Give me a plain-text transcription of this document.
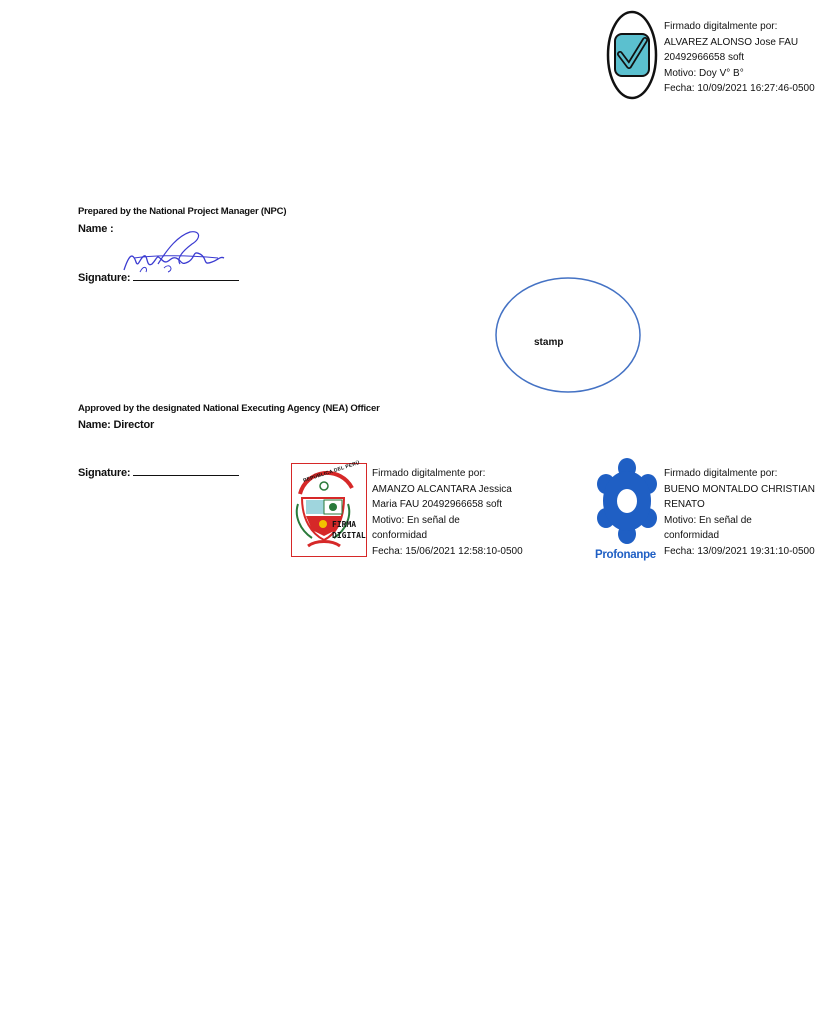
Firmado digitalmente por:
ALVAREZ ALONSO Jose FAU
20492966658 soft
Motivo: Doy V° B°
Fecha: 10/09/2021 16:27:46-0500
Prepared by the National Project Manager (NPC)
Name :
Signature:
stamp
Approved by the designated National Executing Agency (NEA) Officer
Name: Director
Signature:	REPÚBLICA DEL PERÚ
FIRMA
DIGITAL
Firmado digitalmente por:
AMANZO ALCANTARA Jessica
Maria FAU 20492966658 soft
Motivo: En señal de
conformidad
Fecha: 15/06/2021 12:58:10-0500	Profonanpe
Firmado digitalmente por:
BUENO MONTALDO CHRISTIAN
RENATO
Motivo: En señal de
conformidad
Fecha: 13/09/2021 19:31:10-0500
